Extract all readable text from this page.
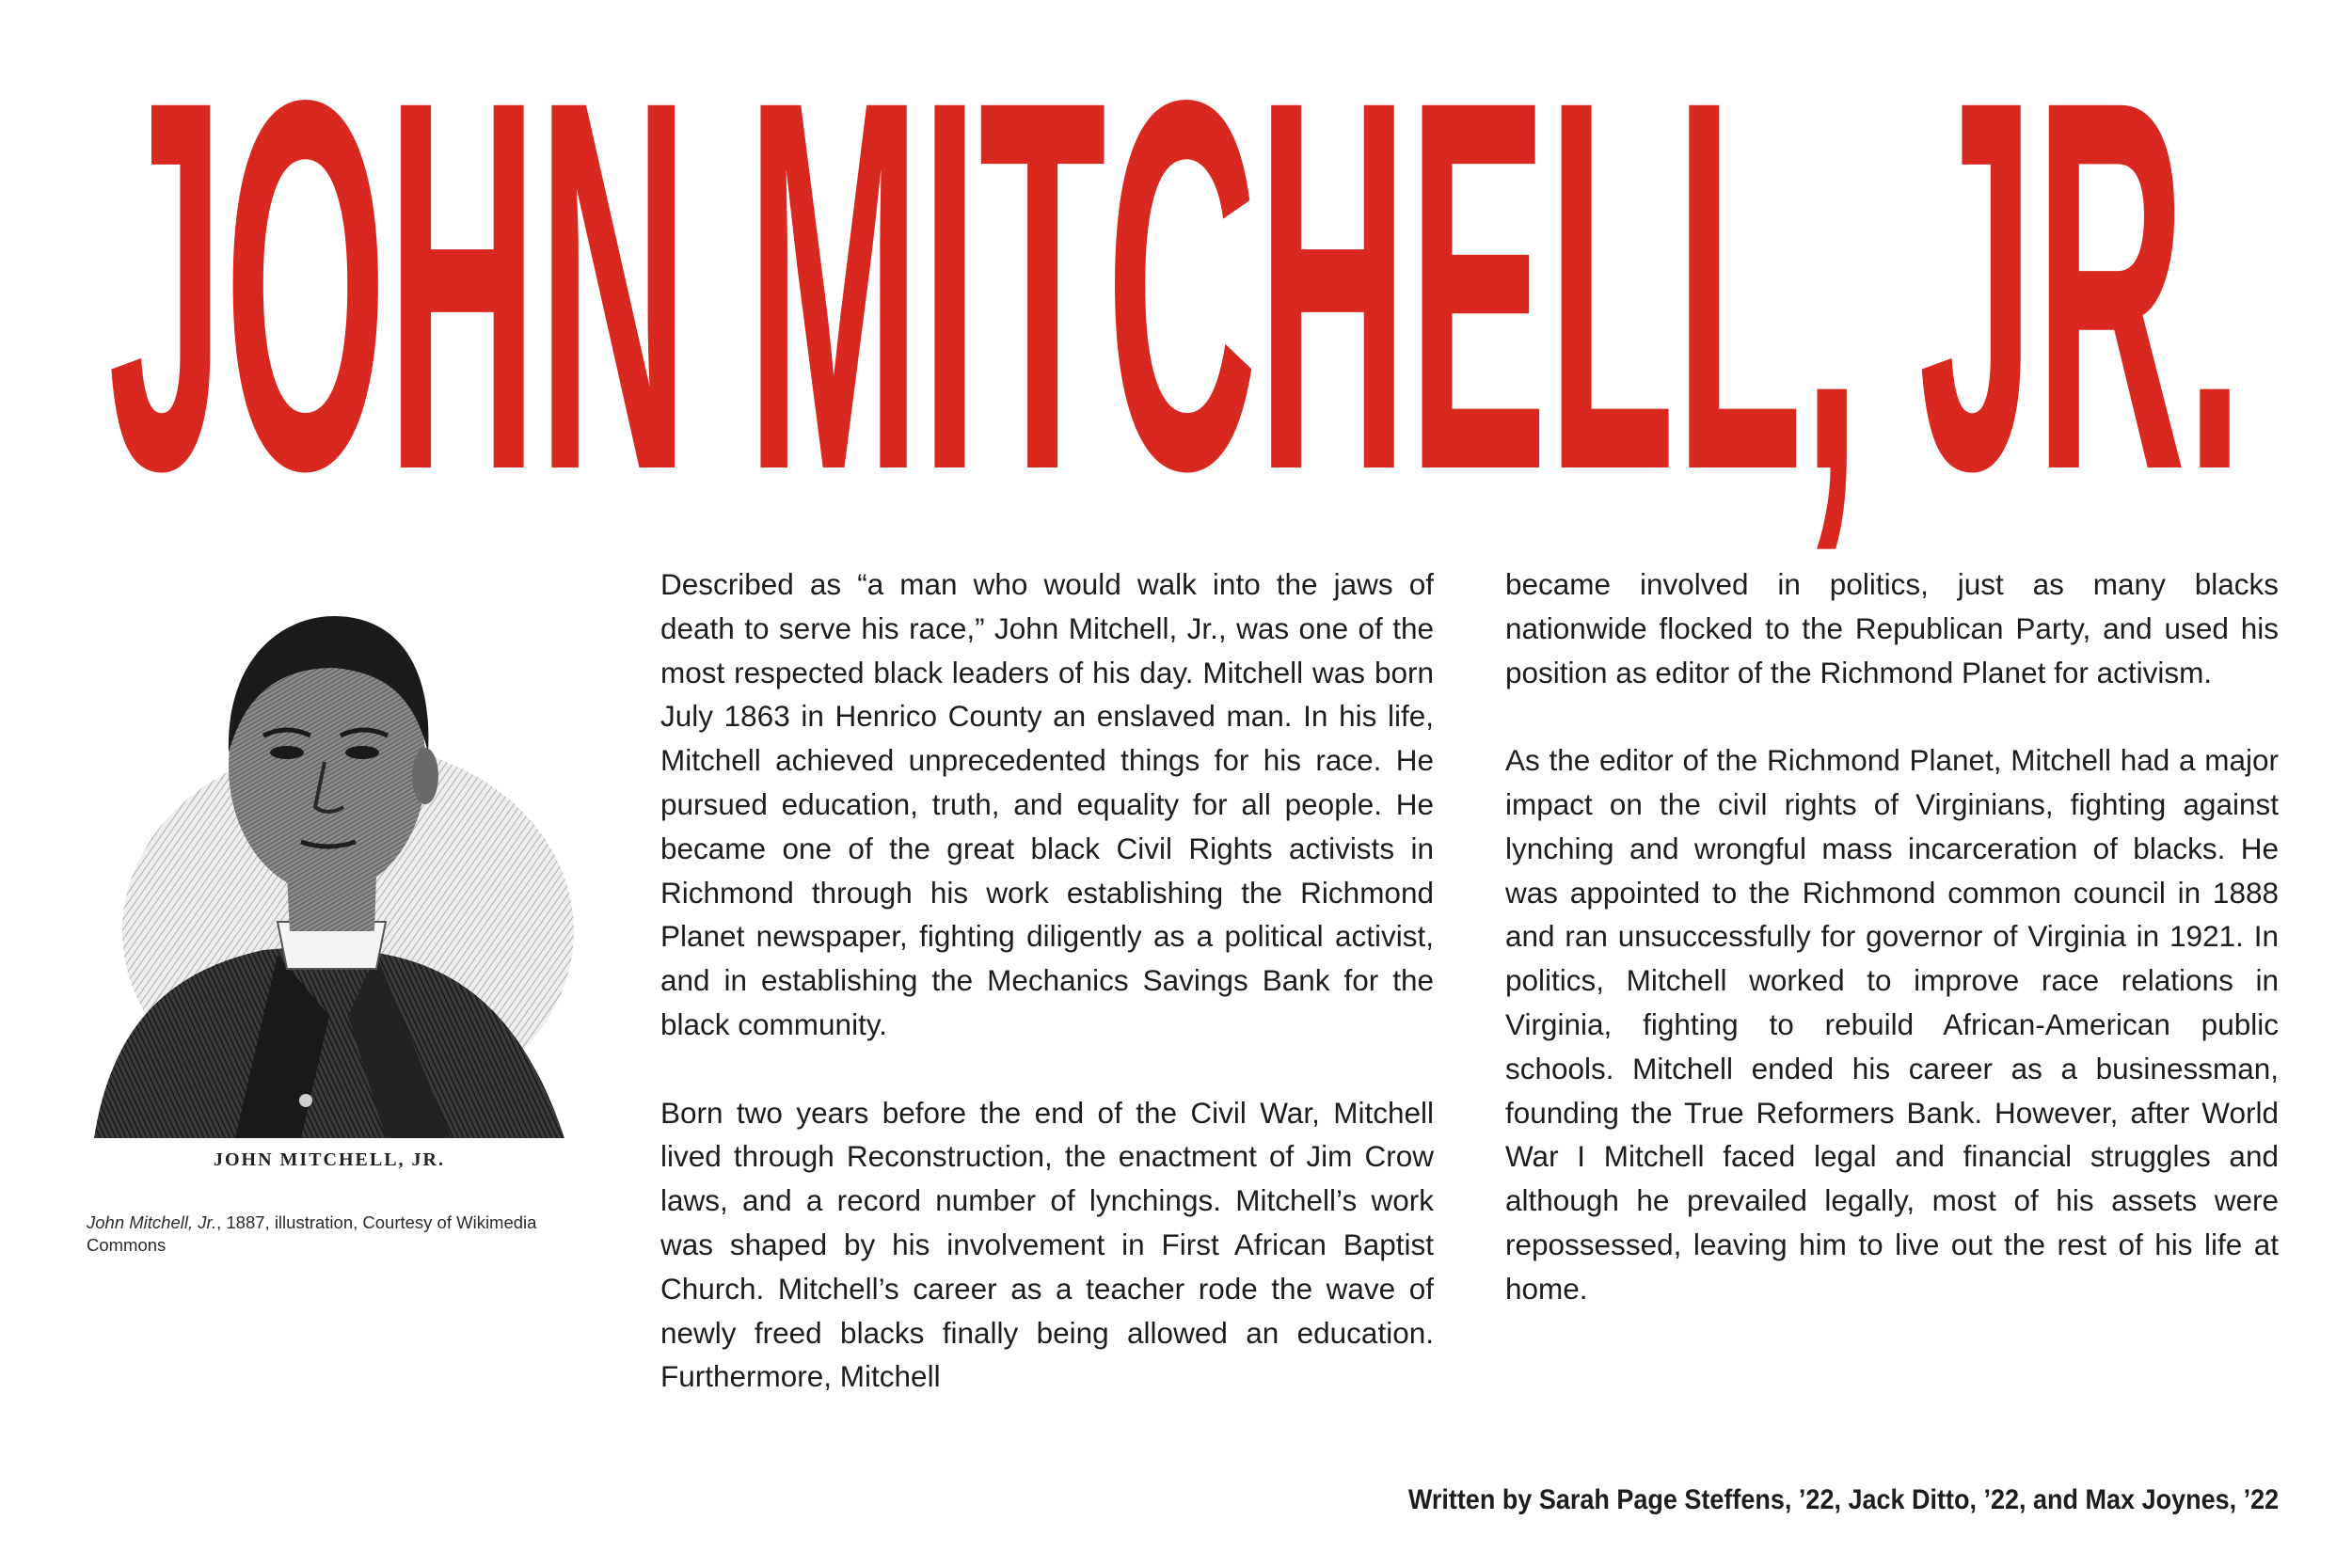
JOHN MITCHELL, JR.
JOHN MITCHELL, JR.
John Mitchell, Jr., 1887, illustration, Courtesy of Wikimedia Commons

Described as “a man who would walk into the jaws of death to serve his race,” John Mitchell, Jr., was one of the most respected black leaders of his day. Mitchell was born July 1863 in Henrico County an enslaved man. In his life, Mitchell achieved unprecedented things for his race. He pursued education, truth, and equality for all people. He became one of the great black Civil Rights activists in Richmond through his work establishing the Richmond Planet newspaper, fighting diligently as a political activist, and in establishing the Mechanics Savings Bank for the black community.

Born two years before the end of the Civil War, Mitchell lived through Reconstruction, the enactment of Jim Crow laws, and a record number of lynchings. Mitchell’s work was shaped by his involvement in First African Baptist Church. Mitchell’s career as a teacher rode the wave of newly freed blacks finally being allowed an education. Furthermore, Mitchell

became involved in politics, just as many blacks nationwide flocked to the Republican Party, and used his position as editor of the Richmond Planet for activism.

As the editor of the Richmond Planet, Mitchell had a major impact on the civil rights of Virginians, fighting against lynching and wrongful mass incarceration of blacks. He was appointed to the Richmond common council in 1888 and ran unsuccessfully for governor of Virginia in 1921. In politics, Mitchell worked to improve race relations in Virginia, fighting to rebuild African-American public schools. Mitchell ended his career as a businessman, founding the True Reformers Bank. However, after World War I Mitchell faced legal and financial struggles and although he prevailed legally, most of his assets were repossessed, leaving him to live out the rest of his life at home.

Written by Sarah Page Steffens, ’22, Jack Ditto, ’22, and Max Joynes, ’22
